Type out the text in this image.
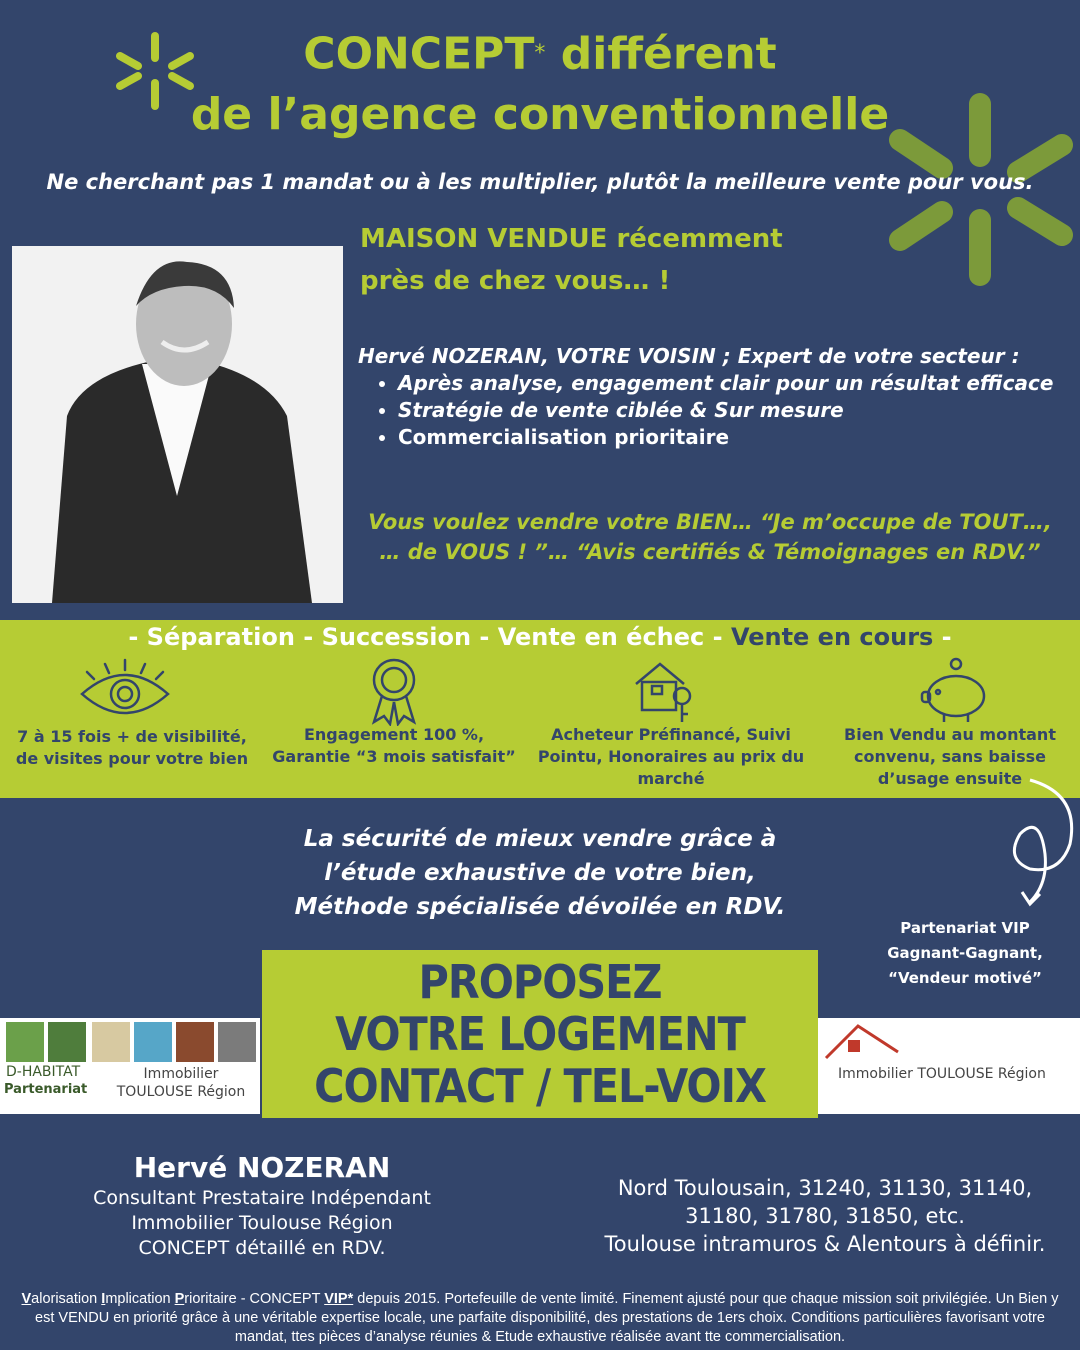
CONCEPT⁎ différent
de l’agence conventionnelle
Ne cherchant pas 1 mandat ou à les multiplier, plutôt la meilleure vente pour vous.
MAISON VENDUE récemment
près de chez vous… !
Hervé NOZERAN, VOTRE VOISIN ; Expert de votre secteur :
• Après analyse, engagement clair pour un résultat efficace
• Stratégie de vente ciblée & Sur mesure
• Commercialisation prioritaire
Vous voulez vendre votre BIEN… “Je m’occupe de TOUT…,
… de VOUS ! ”… “Avis certifiés & Témoignages en RDV.”
- Séparation - Succession - Vente en échec - Vente en cours -
7 à 15 fois + de visibilité,
de visites pour votre bien
Engagement 100 %,
Garantie “3 mois satisfait”
Acheteur Préfinancé, Suivi
Pointu, Honoraires au prix du
marché
Bien Vendu au montant
convenu, sans baisse
d’usage ensuite
La sécurité de mieux vendre grâce à
l’étude exhaustive de votre bien,
Méthode spécialisée dévoilée en RDV.
Partenariat VIP
Gagnant-Gagnant,
“Vendeur motivé”
PROPOSEZ
VOTRE LOGEMENT
CONTACT / TEL-VOIX
D-HABITAT
Partenariat
Immobilier
TOULOUSE Région
Immobilier TOULOUSE Région
Hervé NOZERAN
Consultant Prestataire Indépendant
Immobilier Toulouse Région
CONCEPT détaillé en RDV.
Nord Toulousain, 31240, 31130, 31140,
31180, 31780, 31850, etc.
Toulouse intramuros & Alentours à définir.
Valorisation Implication Prioritaire - CONCEPT VIP* depuis 2015. Portefeuille de vente limité. Finement ajusté pour que chaque mission soit privilégiée. Un Bien y est VENDU en priorité grâce à une véritable expertise locale, une parfaite disponibilité, des prestations de 1ers choix. Conditions particulières favorisant votre mandat, ttes pièces d’analyse réunies & Etude exhaustive réalisée avant tte commercialisation.
